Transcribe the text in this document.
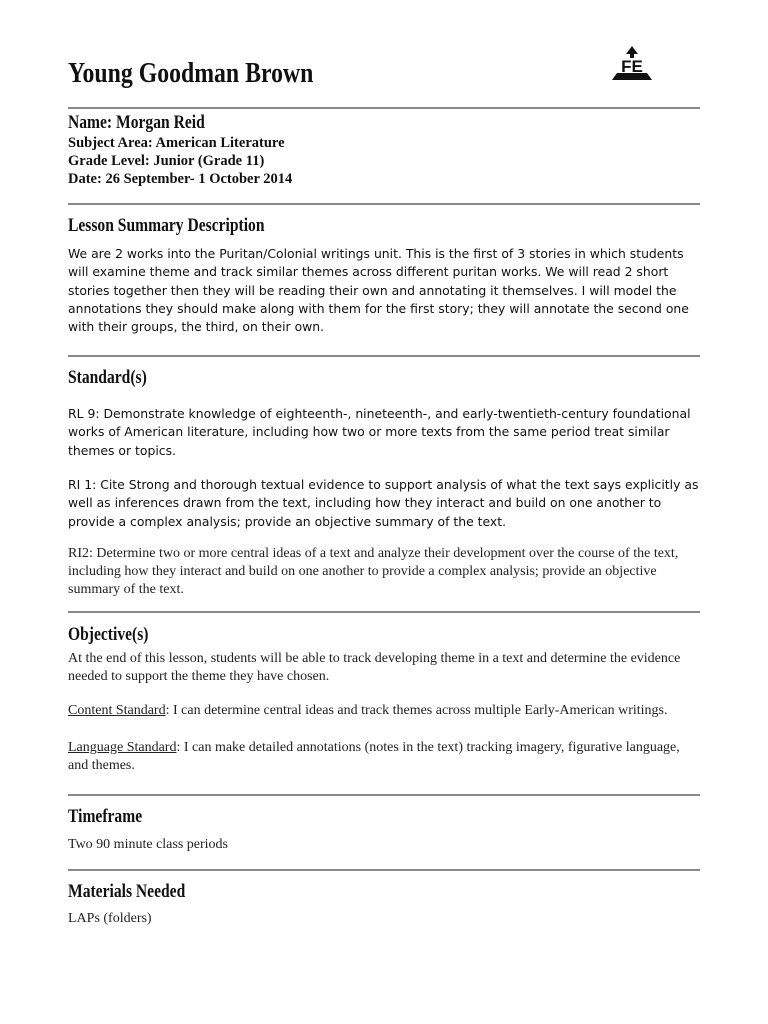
Young Goodman Brown	FE
Name: Morgan Reid
Subject Area: American Literature
Grade Level: Junior (Grade 11)
Date: 26 September- 1 October 2014
Lesson Summary Description
We are 2 works into the Puritan/Colonial writings unit. This is the first of 3 stories in which students will examine theme and track similar themes across different puritan works. We will read 2 short stories together then they will be reading their own and annotating it themselves. I will model the annotations they should make along with them for the first story; they will annotate the second one with their groups, the third, on their own.
Standard(s)
RL 9: Demonstrate knowledge of eighteenth-, nineteenth-, and early-twentieth-century foundational works of American literature, including how two or more texts from the same period treat similar themes or topics.
RI 1: Cite Strong and thorough textual evidence to support analysis of what the text says explicitly as well as inferences drawn from the text, including how they interact and build on one another to provide a complex analysis; provide an objective summary of the text.
RI2: Determine two or more central ideas of a text and analyze their development over the course of the text, including how they interact and build on one another to provide a complex analysis; provide an objective summary of the text.
Objective(s)
At the end of this lesson, students will be able to track developing theme in a text and determine the evidence needed to support the theme they have chosen.
Content Standard: I can determine central ideas and track themes across multiple Early-American writings.
Language Standard: I can make detailed annotations (notes in the text) tracking imagery, figurative language, and themes.
Timeframe
Two 90 minute class periods
Materials Needed
LAPs (folders)
